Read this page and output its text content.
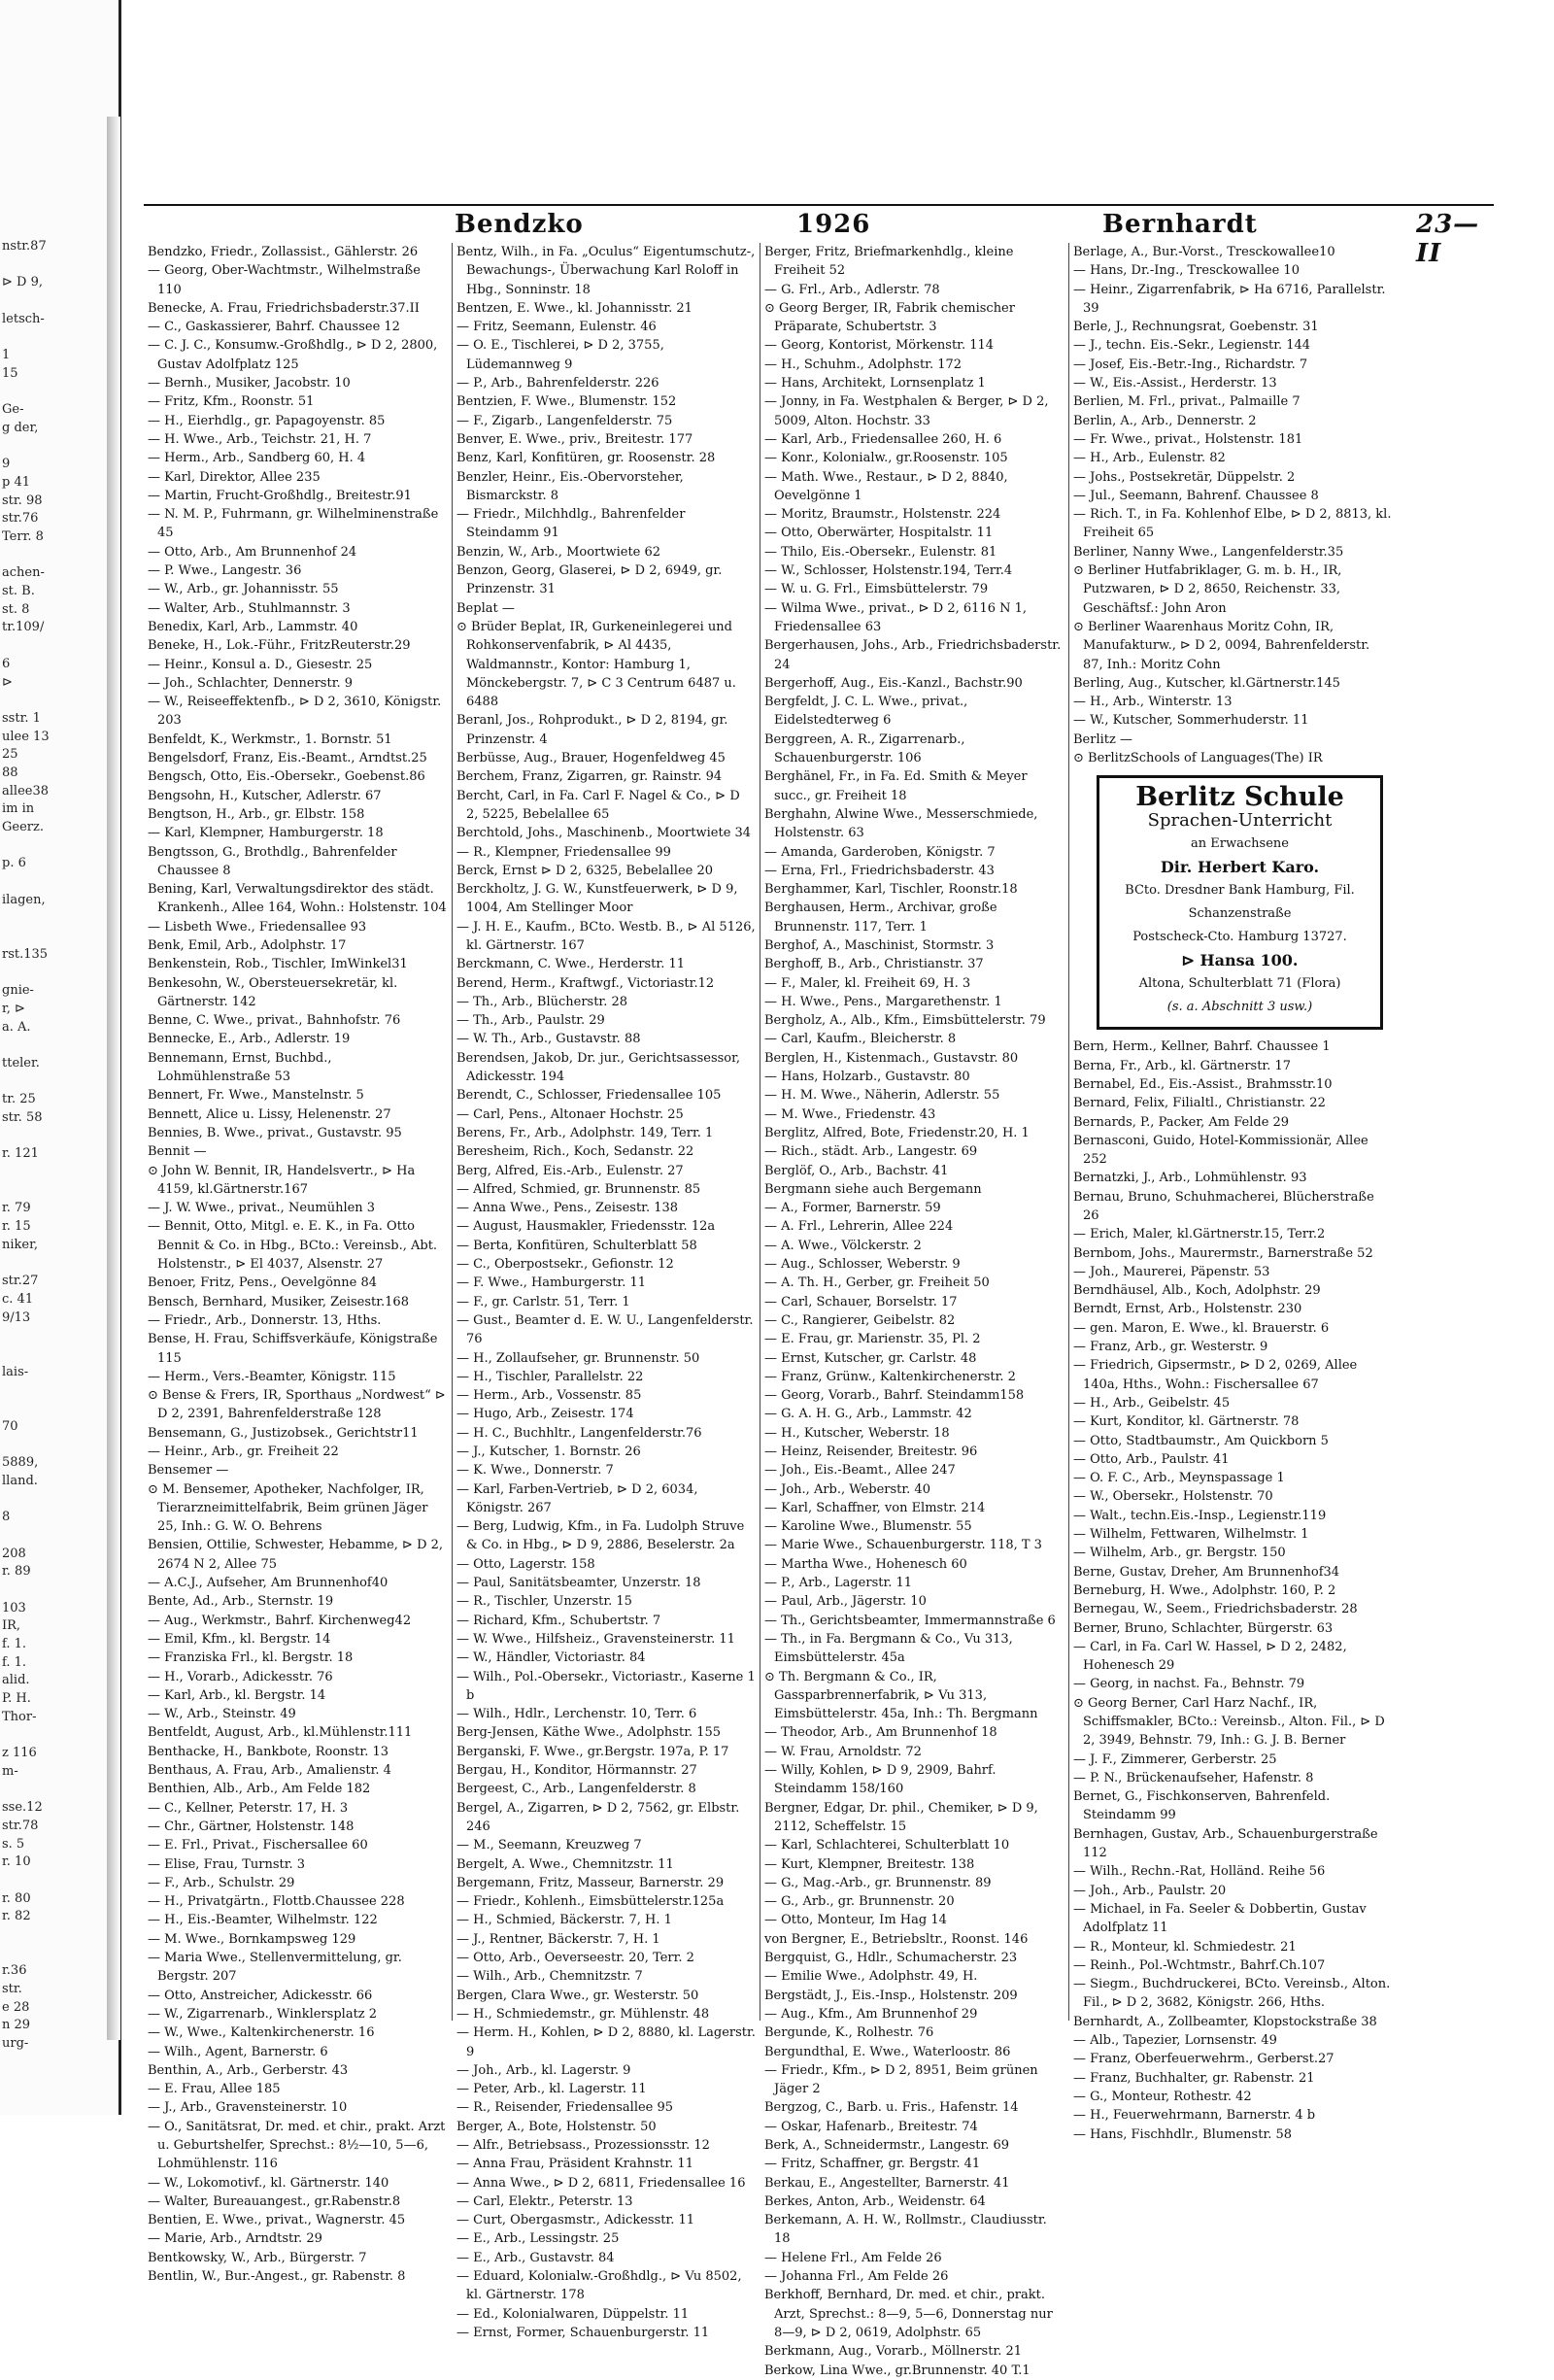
nstr.87
⊳ D 9,
letsch-
1
15
Ge-
g der,
9
p 41
str. 98
str.76
Terr. 8
achen-
st. B.
st. 8
tr.109/
6
⊳
sstr. 1
ulee 13
25
88
allee38
im in
Geerz.
p. 6
ilagen,
rst.135
gnie-
r, ⊳
a. A.
tteler.
tr. 25
str. 58
r. 121
r. 79
r. 15
niker,
str.27
c. 41
9/13
lais-
70
5889,
lland.
8
208
r. 89
103
IR,
f. 1.
f. 1.
alid.
P. H.
Thor-
z 116
m-
sse.12
str.78
s. 5
r. 10
r. 80
r. 82
r.36
str.
e 28
n 29
urg-
Bendzko	1926	Bernhardt	23—II
Bendzko, Friedr., Zollassist., Gählerstr. 26
— Georg, Ober-Wachtmstr., Wilhelmstraße 110
Benecke, A. Frau, Friedrichsbaderstr.37.II
— C., Gaskassierer, Bahrf. Chaussee 12
— C. J. C., Konsumw.-Großhdlg., ⊳ D 2, 2800, Gustav Adolfplatz 125
— Bernh., Musiker, Jacobstr. 10
— Fritz, Kfm., Roonstr. 51
— H., Eierhdlg., gr. Papagoyenstr. 85
— H. Wwe., Arb., Teichstr. 21, H. 7
— Herm., Arb., Sandberg 60, H. 4
— Karl, Direktor, Allee 235
— Martin, Frucht-Großhdlg., Breitestr.91
— N. M. P., Fuhrmann, gr. Wilhelminenstraße 45
— Otto, Arb., Am Brunnenhof 24
— P. Wwe., Langestr. 36
— W., Arb., gr. Johannisstr. 55
— Walter, Arb., Stuhlmannstr. 3
Benedix, Karl, Arb., Lammstr. 40
Beneke, H., Lok.-Führ., FritzReuterstr.29
— Heinr., Konsul a. D., Giesestr. 25
— Joh., Schlachter, Dennerstr. 9
— W., Reiseeffektenfb., ⊳ D 2, 3610, Königstr. 203
Benfeldt, K., Werkmstr., 1. Bornstr. 51
Bengelsdorf, Franz, Eis.-Beamt., Arndtst.25
Bengsch, Otto, Eis.-Obersekr., Goebenst.86
Bengsohn, H., Kutscher, Adlerstr. 67
Bengtson, H., Arb., gr. Elbstr. 158
— Karl, Klempner, Hamburgerstr. 18
Bengtsson, G., Brothdlg., Bahrenfelder Chaussee 8
Bening, Karl, Verwaltungsdirektor des städt. Krankenh., Allee 164, Wohn.: Holstenstr. 104
— Lisbeth Wwe., Friedensallee 93
Benk, Emil, Arb., Adolphstr. 17
Benkenstein, Rob., Tischler, ImWinkel31
Benkesohn, W., Obersteuersekretär, kl. Gärtnerstr. 142
Benne, C. Wwe., privat., Bahnhofstr. 76
Bennecke, E., Arb., Adlerstr. 19
Bennemann, Ernst, Buchbd., Lohmühlenstraße 53
Bennert, Fr. Wwe., Manstelnstr. 5
Bennett, Alice u. Lissy, Helenenstr. 27
Bennies, B. Wwe., privat., Gustavstr. 95
Bennit —
⊙ John W. Bennit, IR, Handelsvertr., ⊳ Ha 4159, kl.Gärtnerstr.167
— J. W. Wwe., privat., Neumühlen 3
— Bennit, Otto, Mitgl. e. E. K., in Fa. Otto Bennit & Co. in Hbg., BCto.: Vereinsb., Abt. Holstenstr., ⊳ El 4037, Alsenstr. 27
Benoer, Fritz, Pens., Oevelgönne 84
Bensch, Bernhard, Musiker, Zeisestr.168
— Friedr., Arb., Donnerstr. 13, Hths.
Bense, H. Frau, Schiffsverkäufe, Königstraße 115
— Herm., Vers.-Beamter, Königstr. 115
⊙ Bense & Frers, IR, Sporthaus „Nordwest“ ⊳ D 2, 2391, Bahrenfelderstraße 128
Bensemann, G., Justizobsek., Gerichtstr11
— Heinr., Arb., gr. Freiheit 22
Bensemer —
⊙ M. Bensemer, Apotheker, Nachfolger, IR, Tierarzneimittelfabrik, Beim grünen Jäger 25, Inh.: G. W. O. Behrens
Bensien, Ottilie, Schwester, Hebamme, ⊳ D 2, 2674 N 2, Allee 75
— A.C.J., Aufseher, Am Brunnenhof40
Bente, Ad., Arb., Sternstr. 19
— Aug., Werkmstr., Bahrf. Kirchenweg42
— Emil, Kfm., kl. Bergstr. 14
— Franziska Frl., kl. Bergstr. 18
— H., Vorarb., Adickesstr. 76
— Karl, Arb., kl. Bergstr. 14
— W., Arb., Steinstr. 49
Bentfeldt, August, Arb., kl.Mühlenstr.111
Benthacke, H., Bankbote, Roonstr. 13
Benthaus, A. Frau, Arb., Amalienstr. 4
Benthien, Alb., Arb., Am Felde 182
— C., Kellner, Peterstr. 17, H. 3
— Chr., Gärtner, Holstenstr. 148
— E. Frl., Privat., Fischersallee 60
— Elise, Frau, Turnstr. 3
— F., Arb., Schulstr. 29
— H., Privatgärtn., Flottb.Chaussee 228
— H., Eis.-Beamter, Wilhelmstr. 122
— M. Wwe., Bornkampsweg 129
— Maria Wwe., Stellenvermittelung, gr. Bergstr. 207
— Otto, Anstreicher, Adickesstr. 66
— W., Zigarrenarb., Winklersplatz 2
— W., Wwe., Kaltenkirchenerstr. 16
— Wilh., Agent, Barnerstr. 6
Benthin, A., Arb., Gerberstr. 43
— E. Frau, Allee 185
— J., Arb., Gravensteinerstr. 10
— O., Sanitätsrat, Dr. med. et chir., prakt. Arzt u. Geburtshelfer, Sprechst.: 8½—10, 5—6, Lohmühlenstr. 116
— W., Lokomotivf., kl. Gärtnerstr. 140
— Walter, Bureauangest., gr.Rabenstr.8
Bentien, E. Wwe., privat., Wagnerstr. 45
— Marie, Arb., Arndtstr. 29
Bentkowsky, W., Arb., Bürgerstr. 7
Bentlin, W., Bur.-Angest., gr. Rabenstr. 8
Bentz, Wilh., in Fa. „Oculus“ Eigentumschutz-, Bewachungs-, Überwachung Karl Roloff in Hbg., Sonninstr. 18
Bentzen, E. Wwe., kl. Johannisstr. 21
— Fritz, Seemann, Eulenstr. 46
— O. E., Tischlerei, ⊳ D 2, 3755, Lüdemannweg 9
— P., Arb., Bahrenfelderstr. 226
Bentzien, F. Wwe., Blumenstr. 152
— F., Zigarb., Langenfelderstr. 75
Benver, E. Wwe., priv., Breitestr. 177
Benz, Karl, Konfitüren, gr. Roosenstr. 28
Benzler, Heinr., Eis.-Obervorsteher, Bismarckstr. 8
— Friedr., Milchhdlg., Bahrenfelder Steindamm 91
Benzin, W., Arb., Moortwiete 62
Benzon, Georg, Glaserei, ⊳ D 2, 6949, gr. Prinzenstr. 31
Beplat —
⊙ Brüder Beplat, IR, Gurkeneinlegerei und Rohkonservenfabrik, ⊳ Al 4435, Waldmannstr., Kontor: Hamburg 1, Mönckebergstr. 7, ⊳ C 3 Centrum 6487 u. 6488
Beranl, Jos., Rohprodukt., ⊳ D 2, 8194, gr. Prinzenstr. 4
Berbüsse, Aug., Brauer, Hogenfeldweg 45
Berchem, Franz, Zigarren, gr. Rainstr. 94
Bercht, Carl, in Fa. Carl F. Nagel & Co., ⊳ D 2, 5225, Bebelallee 65
Berchtold, Johs., Maschinenb., Moortwiete 34
— R., Klempner, Friedensallee 99
Berck, Ernst ⊳ D 2, 6325, Bebelallee 20
Berckholtz, J. G. W., Kunstfeuerwerk, ⊳ D 9, 1004, Am Stellinger Moor
— J. H. E., Kaufm., BCto. Westb. B., ⊳ Al 5126, kl. Gärtnerstr. 167
Berckmann, C. Wwe., Herderstr. 11
Berend, Herm., Kraftwgf., Victoriastr.12
— Th., Arb., Blücherstr. 28
— Th., Arb., Paulstr. 29
— W. Th., Arb., Gustavstr. 88
Berendsen, Jakob, Dr. jur., Gerichtsassessor, Adickesstr. 194
Berendt, C., Schlosser, Friedensallee 105
— Carl, Pens., Altonaer Hochstr. 25
Berens, Fr., Arb., Adolphstr. 149, Terr. 1
Beresheim, Rich., Koch, Sedanstr. 22
Berg, Alfred, Eis.-Arb., Eulenstr. 27
— Alfred, Schmied, gr. Brunnenstr. 85
— Anna Wwe., Pens., Zeisestr. 138
— August, Hausmakler, Friedensstr. 12a
— Berta, Konfitüren, Schulterblatt 58
— C., Oberpostsekr., Gefionstr. 12
— F. Wwe., Hamburgerstr. 11
— F., gr. Carlstr. 51, Terr. 1
— Gust., Beamter d. E. W. U., Langenfelderstr. 76
— H., Zollaufseher, gr. Brunnenstr. 50
— H., Tischler, Parallelstr. 22
— Herm., Arb., Vossenstr. 85
— Hugo, Arb., Zeisestr. 174
— H. C., Buchhltr., Langenfelderstr.76
— J., Kutscher, 1. Bornstr. 26
— K. Wwe., Donnerstr. 7
— Karl, Farben-Vertrieb, ⊳ D 2, 6034, Königstr. 267
— Berg, Ludwig, Kfm., in Fa. Ludolph Struve & Co. in Hbg., ⊳ D 9, 2886, Beselerstr. 2a
— Otto, Lagerstr. 158
— Paul, Sanitätsbeamter, Unzerstr. 18
— R., Tischler, Unzerstr. 15
— Richard, Kfm., Schubertstr. 7
— W. Wwe., Hilfsheiz., Gravensteinerstr. 11
— W., Händler, Victoriastr. 84
— Wilh., Pol.-Obersekr., Victoriastr., Kaserne 1 b
— Wilh., Hdlr., Lerchenstr. 10, Terr. 6
Berg-Jensen, Käthe Wwe., Adolphstr. 155
Berganski, F. Wwe., gr.Bergstr. 197a, P. 17
Bergau, H., Konditor, Hörmannstr. 27
Bergeest, C., Arb., Langenfelderstr. 8
Bergel, A., Zigarren, ⊳ D 2, 7562, gr. Elbstr. 246
— M., Seemann, Kreuzweg 7
Bergelt, A. Wwe., Chemnitzstr. 11
Bergemann, Fritz, Masseur, Barnerstr. 29
— Friedr., Kohlenh., Eimsbüttelerstr.125a
— H., Schmied, Bäckerstr. 7, H. 1
— J., Rentner, Bäckerstr. 7, H. 1
— Otto, Arb., Oeverseestr. 20, Terr. 2
— Wilh., Arb., Chemnitzstr. 7
Bergen, Clara Wwe., gr. Westerstr. 50
— H., Schmiedemstr., gr. Mühlenstr. 48
— Herm. H., Kohlen, ⊳ D 2, 8880, kl. Lagerstr. 9
— Joh., Arb., kl. Lagerstr. 9
— Peter, Arb., kl. Lagerstr. 11
— R., Reisender, Friedensallee 95
Berger, A., Bote, Holstenstr. 50
— Alfr., Betriebsass., Prozessionsstr. 12
— Anna Frau, Präsident Krahnstr. 11
— Anna Wwe., ⊳ D 2, 6811, Friedensallee 16
— Carl, Elektr., Peterstr. 13
— Curt, Obergasmstr., Adickesstr. 11
— E., Arb., Lessingstr. 25
— E., Arb., Gustavstr. 84
— Eduard, Kolonialw.-Großhdlg., ⊳ Vu 8502, kl. Gärtnerstr. 178
— Ed., Kolonialwaren, Düppelstr. 11
— Ernst, Former, Schauenburgerstr. 11
Berger, Fritz, Briefmarkenhdlg., kleine Freiheit 52
— G. Frl., Arb., Adlerstr. 78
⊙ Georg Berger, IR, Fabrik chemischer Präparate, Schubertstr. 3
— Georg, Kontorist, Mörkenstr. 114
— H., Schuhm., Adolphstr. 172
— Hans, Architekt, Lornsenplatz 1
— Jonny, in Fa. Westphalen & Berger, ⊳ D 2, 5009, Alton. Hochstr. 33
— Karl, Arb., Friedensallee 260, H. 6
— Konr., Kolonialw., gr.Roosenstr. 105
— Math. Wwe., Restaur., ⊳ D 2, 8840, Oevelgönne 1
— Moritz, Braumstr., Holstenstr. 224
— Otto, Oberwärter, Hospitalstr. 11
— Thilo, Eis.-Obersekr., Eulenstr. 81
— W., Schlosser, Holstenstr.194, Terr.4
— W. u. G. Frl., Eimsbüttelerstr. 79
— Wilma Wwe., privat., ⊳ D 2, 6116 N 1, Friedensallee 63
Bergerhausen, Johs., Arb., Friedrichsbaderstr. 24
Bergerhoff, Aug., Eis.-Kanzl., Bachstr.90
Bergfeldt, J. C. L. Wwe., privat., Eidelstedterweg 6
Berggreen, A. R., Zigarrenarb., Schauenburgerstr. 106
Berghänel, Fr., in Fa. Ed. Smith & Meyer succ., gr. Freiheit 18
Berghahn, Alwine Wwe., Messerschmiede, Holstenstr. 63
— Amanda, Garderoben, Königstr. 7
— Erna, Frl., Friedrichsbaderstr. 43
Berghammer, Karl, Tischler, Roonstr.18
Berghausen, Herm., Archivar, große Brunnenstr. 117, Terr. 1
Berghof, A., Maschinist, Stormstr. 3
Berghoff, B., Arb., Christianstr. 37
— F., Maler, kl. Freiheit 69, H. 3
— H. Wwe., Pens., Margarethenstr. 1
Bergholz, A., Alb., Kfm., Eimsbüttelerstr. 79
— Carl, Kaufm., Bleicherstr. 8
Berglen, H., Kistenmach., Gustavstr. 80
— Hans, Holzarb., Gustavstr. 80
— H. M. Wwe., Näherin, Adlerstr. 55
— M. Wwe., Friedenstr. 43
Berglitz, Alfred, Bote, Friedenstr.20, H. 1
— Rich., städt. Arb., Langestr. 69
Berglöf, O., Arb., Bachstr. 41
Bergmann siehe auch Bergemann
— A., Former, Barnerstr. 59
— A. Frl., Lehrerin, Allee 224
— A. Wwe., Völckerstr. 2
— Aug., Schlosser, Weberstr. 9
— A. Th. H., Gerber, gr. Freiheit 50
— Carl, Schauer, Borselstr. 17
— C., Rangierer, Geibelstr. 82
— E. Frau, gr. Marienstr. 35, Pl. 2
— Ernst, Kutscher, gr. Carlstr. 48
— Franz, Grünw., Kaltenkirchenerstr. 2
— Georg, Vorarb., Bahrf. Steindamm158
— G. A. H. G., Arb., Lammstr. 42
— H., Kutscher, Weberstr. 18
— Heinz, Reisender, Breitestr. 96
— Joh., Eis.-Beamt., Allee 247
— Joh., Arb., Weberstr. 40
— Karl, Schaffner, von Elmstr. 214
— Karoline Wwe., Blumenstr. 55
— Marie Wwe., Schauenburgerstr. 118, T 3
— Martha Wwe., Hohenesch 60
— P., Arb., Lagerstr. 11
— Paul, Arb., Jägerstr. 10
— Th., Gerichtsbeamter, Immermannstraße 6
— Th., in Fa. Bergmann & Co., Vu 313, Eimsbüttelerstr. 45a
⊙ Th. Bergmann & Co., IR, Gassparbrennerfabrik, ⊳ Vu 313, Eimsbüttelerstr. 45a, Inh.: Th. Bergmann
— Theodor, Arb., Am Brunnenhof 18
— W. Frau, Arnoldstr. 72
— Willy, Kohlen, ⊳ D 9, 2909, Bahrf. Steindamm 158/160
Bergner, Edgar, Dr. phil., Chemiker, ⊳ D 9, 2112, Scheffelstr. 15
— Karl, Schlachterei, Schulterblatt 10
— Kurt, Klempner, Breitestr. 138
— G., Mag.-Arb., gr. Brunnenstr. 89
— G., Arb., gr. Brunnenstr. 20
— Otto, Monteur, Im Hag 14
von Bergner, E., Betriebsltr., Roonst. 146
Bergquist, G., Hdlr., Schumacherstr. 23
— Emilie Wwe., Adolphstr. 49, H.
Bergstädt, J., Eis.-Insp., Holstenstr. 209
— Aug., Kfm., Am Brunnenhof 29
Bergunde, K., Rolhestr. 76
Bergundthal, E. Wwe., Waterloostr. 86
— Friedr., Kfm., ⊳ D 2, 8951, Beim grünen Jäger 2
Bergzog, C., Barb. u. Fris., Hafenstr. 14
— Oskar, Hafenarb., Breitestr. 74
Berk, A., Schneidermstr., Langestr. 69
— Fritz, Schaffner, gr. Bergstr. 41
Berkau, E., Angestellter, Barnerstr. 41
Berkes, Anton, Arb., Weidenstr. 64
Berkemann, A. H. W., Rollmstr., Claudiusstr. 18
— Helene Frl., Am Felde 26
— Johanna Frl., Am Felde 26
Berkhoff, Bernhard, Dr. med. et chir., prakt. Arzt, Sprechst.: 8—9, 5—6, Donnerstag nur 8—9, ⊳ D 2, 0619, Adolphstr. 65
Berkmann, Aug., Vorarb., Möllnerstr. 21
Berkow, Lina Wwe., gr.Brunnenstr. 40 T.1
Berlage, A., Bur.-Vorst., Tresckowallee10
— Hans, Dr.-Ing., Tresckowallee 10
— Heinr., Zigarrenfabrik, ⊳ Ha 6716, Parallelstr. 39
Berle, J., Rechnungsrat, Goebenstr. 31
— J., techn. Eis.-Sekr., Legienstr. 144
— Josef, Eis.-Betr.-Ing., Richardstr. 7
— W., Eis.-Assist., Herderstr. 13
Berlien, M. Frl., privat., Palmaille 7
Berlin, A., Arb., Dennerstr. 2
— Fr. Wwe., privat., Holstenstr. 181
— H., Arb., Eulenstr. 82
— Johs., Postsekretär, Düppelstr. 2
— Jul., Seemann, Bahrenf. Chaussee 8
— Rich. T., in Fa. Kohlenhof Elbe, ⊳ D 2, 8813, kl. Freiheit 65
Berliner, Nanny Wwe., Langenfelderstr.35
⊙ Berliner Hutfabriklager, G. m. b. H., IR, Putzwaren, ⊳ D 2, 8650, Reichenstr. 33, Geschäftsf.: John Aron
⊙ Berliner Waarenhaus Moritz Cohn, IR, Manufakturw., ⊳ D 2, 0094, Bahrenfelderstr. 87, Inh.: Moritz Cohn
Berling, Aug., Kutscher, kl.Gärtnerstr.145
— H., Arb., Winterstr. 13
— W., Kutscher, Sommerhuderstr. 11
Berlitz —
⊙ BerlitzSchools of Languages(The) IR
Berlitz Schule
Sprachen-Unterricht
an Erwachsene
Dir. Herbert Karo.
BCto. Dresdner Bank Hamburg, Fil. Schanzenstraße
Postscheck-Cto. Hamburg 13727.
⊳ Hansa 100.
Altona, Schulterblatt 71 (Flora)
(s. a. Abschnitt 3 usw.)
Bern, Herm., Kellner, Bahrf. Chaussee 1
Berna, Fr., Arb., kl. Gärtnerstr. 17
Bernabel, Ed., Eis.-Assist., Brahmsstr.10
Bernard, Felix, Filialtl., Christianstr. 22
Bernards, P., Packer, Am Felde 29
Bernasconi, Guido, Hotel-Kommissionär, Allee 252
Bernatzki, J., Arb., Lohmühlenstr. 93
Bernau, Bruno, Schuhmacherei, Blücherstraße 26
— Erich, Maler, kl.Gärtnerstr.15, Terr.2
Bernbom, Johs., Maurermstr., Barnerstraße 52
— Joh., Maurerei, Päpenstr. 53
Berndhäusel, Alb., Koch, Adolphstr. 29
Berndt, Ernst, Arb., Holstenstr. 230
— gen. Maron, E. Wwe., kl. Brauerstr. 6
— Franz, Arb., gr. Westerstr. 9
— Friedrich, Gipsermstr., ⊳ D 2, 0269, Allee 140a, Hths., Wohn.: Fischersallee 67
— H., Arb., Geibelstr. 45
— Kurt, Konditor, kl. Gärtnerstr. 78
— Otto, Stadtbaumstr., Am Quickborn 5
— Otto, Arb., Paulstr. 41
— O. F. C., Arb., Meynspassage 1
— W., Obersekr., Holstenstr. 70
— Walt., techn.Eis.-Insp., Legienstr.119
— Wilhelm, Fettwaren, Wilhelmstr. 1
— Wilhelm, Arb., gr. Bergstr. 150
Berne, Gustav, Dreher, Am Brunnenhof34
Berneburg, H. Wwe., Adolphstr. 160, P. 2
Bernegau, W., Seem., Friedrichsbaderstr. 28
Berner, Bruno, Schlachter, Bürgerstr. 63
— Carl, in Fa. Carl W. Hassel, ⊳ D 2, 2482, Hohenesch 29
— Georg, in nachst. Fa., Behnstr. 79
⊙ Georg Berner, Carl Harz Nachf., IR, Schiffsmakler, BCto.: Vereinsb., Alton. Fil., ⊳ D 2, 3949, Behnstr. 79, Inh.: G. J. B. Berner
— J. F., Zimmerer, Gerberstr. 25
— P. N., Brückenaufseher, Hafenstr. 8
Bernet, G., Fischkonserven, Bahrenfeld. Steindamm 99
Bernhagen, Gustav, Arb., Schauenburgerstraße 112
— Wilh., Rechn.-Rat, Holländ. Reihe 56
— Joh., Arb., Paulstr. 20
— Michael, in Fa. Seeler & Dobbertin, Gustav Adolfplatz 11
— R., Monteur, kl. Schmiedestr. 21
— Reinh., Pol.-Wchtmstr., Bahrf.Ch.107
— Siegm., Buchdruckerei, BCto. Vereinsb., Alton. Fil., ⊳ D 2, 3682, Königstr. 266, Hths.
Bernhardt, A., Zollbeamter, Klopstockstraße 38
— Alb., Tapezier, Lornsenstr. 49
— Franz, Oberfeuerwehrm., Gerberst.27
— Franz, Buchhalter, gr. Rabenstr. 21
— G., Monteur, Rothestr. 42
— H., Feuerwehrmann, Barnerstr. 4 b
— Hans, Fischhdlr., Blumenstr. 58
